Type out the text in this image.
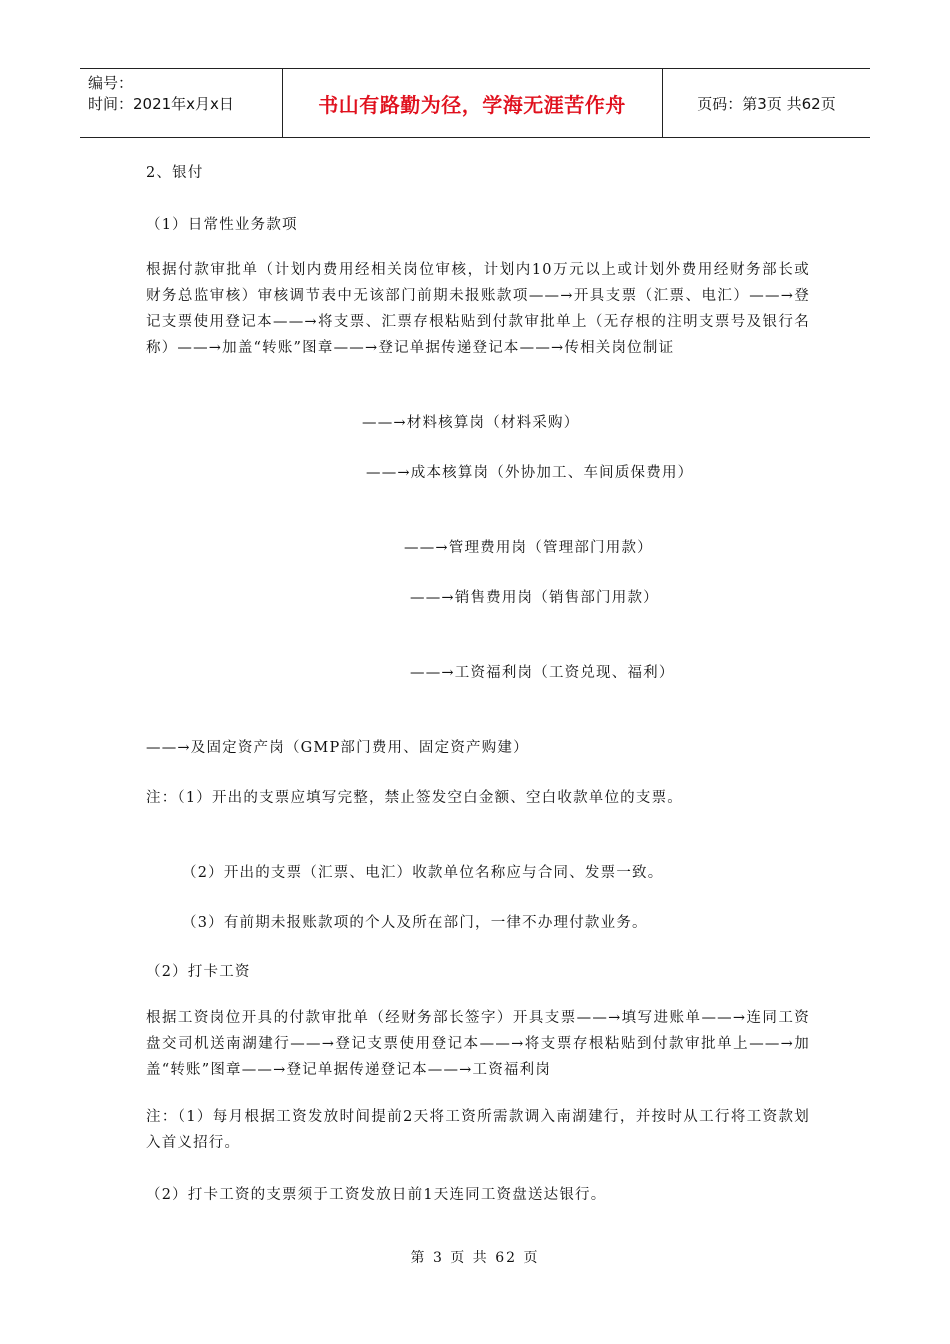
编号：
时间：2021年x月x日	书山有路勤为径，学海无涯苦作舟	页码：第3页 共62页
2、银付
（1）日常性业务款项
根据付款审批单（计划内费用经相关岗位审核，计划内10万元以上或计划外费用经财务部长或财务总监审核）审核调节表中无该部门前期未报账款项——→开具支票（汇票、电汇）——→登记支票使用登记本——→将支票、汇票存根粘贴到付款审批单上（无存根的注明支票号及银行名称）——→加盖“转账”图章——→登记单据传递登记本——→传相关岗位制证
——→材料核算岗（材料采购）
——→成本核算岗（外协加工、车间质保费用）
——→管理费用岗（管理部门用款）
——→销售费用岗（销售部门用款）
——→工资福利岗（工资兑现、福利）
——→及固定资产岗（GMP部门费用、固定资产购建）
注：（1）开出的支票应填写完整，禁止签发空白金额、空白收款单位的支票。
（2）开出的支票（汇票、电汇）收款单位名称应与合同、发票一致。
（3）有前期未报账款项的个人及所在部门，一律不办理付款业务。
（2）打卡工资
根据工资岗位开具的付款审批单（经财务部长签字）开具支票——→填写进账单——→连同工资盘交司机送南湖建行——→登记支票使用登记本——→将支票存根粘贴到付款审批单上——→加盖“转账”图章——→登记单据传递登记本——→工资福利岗
注：（1）每月根据工资发放时间提前2天将工资所需款调入南湖建行，并按时从工行将工资款划入首义招行。
（2）打卡工资的支票须于工资发放日前1天连同工资盘送达银行。
第 3 页 共 62 页
